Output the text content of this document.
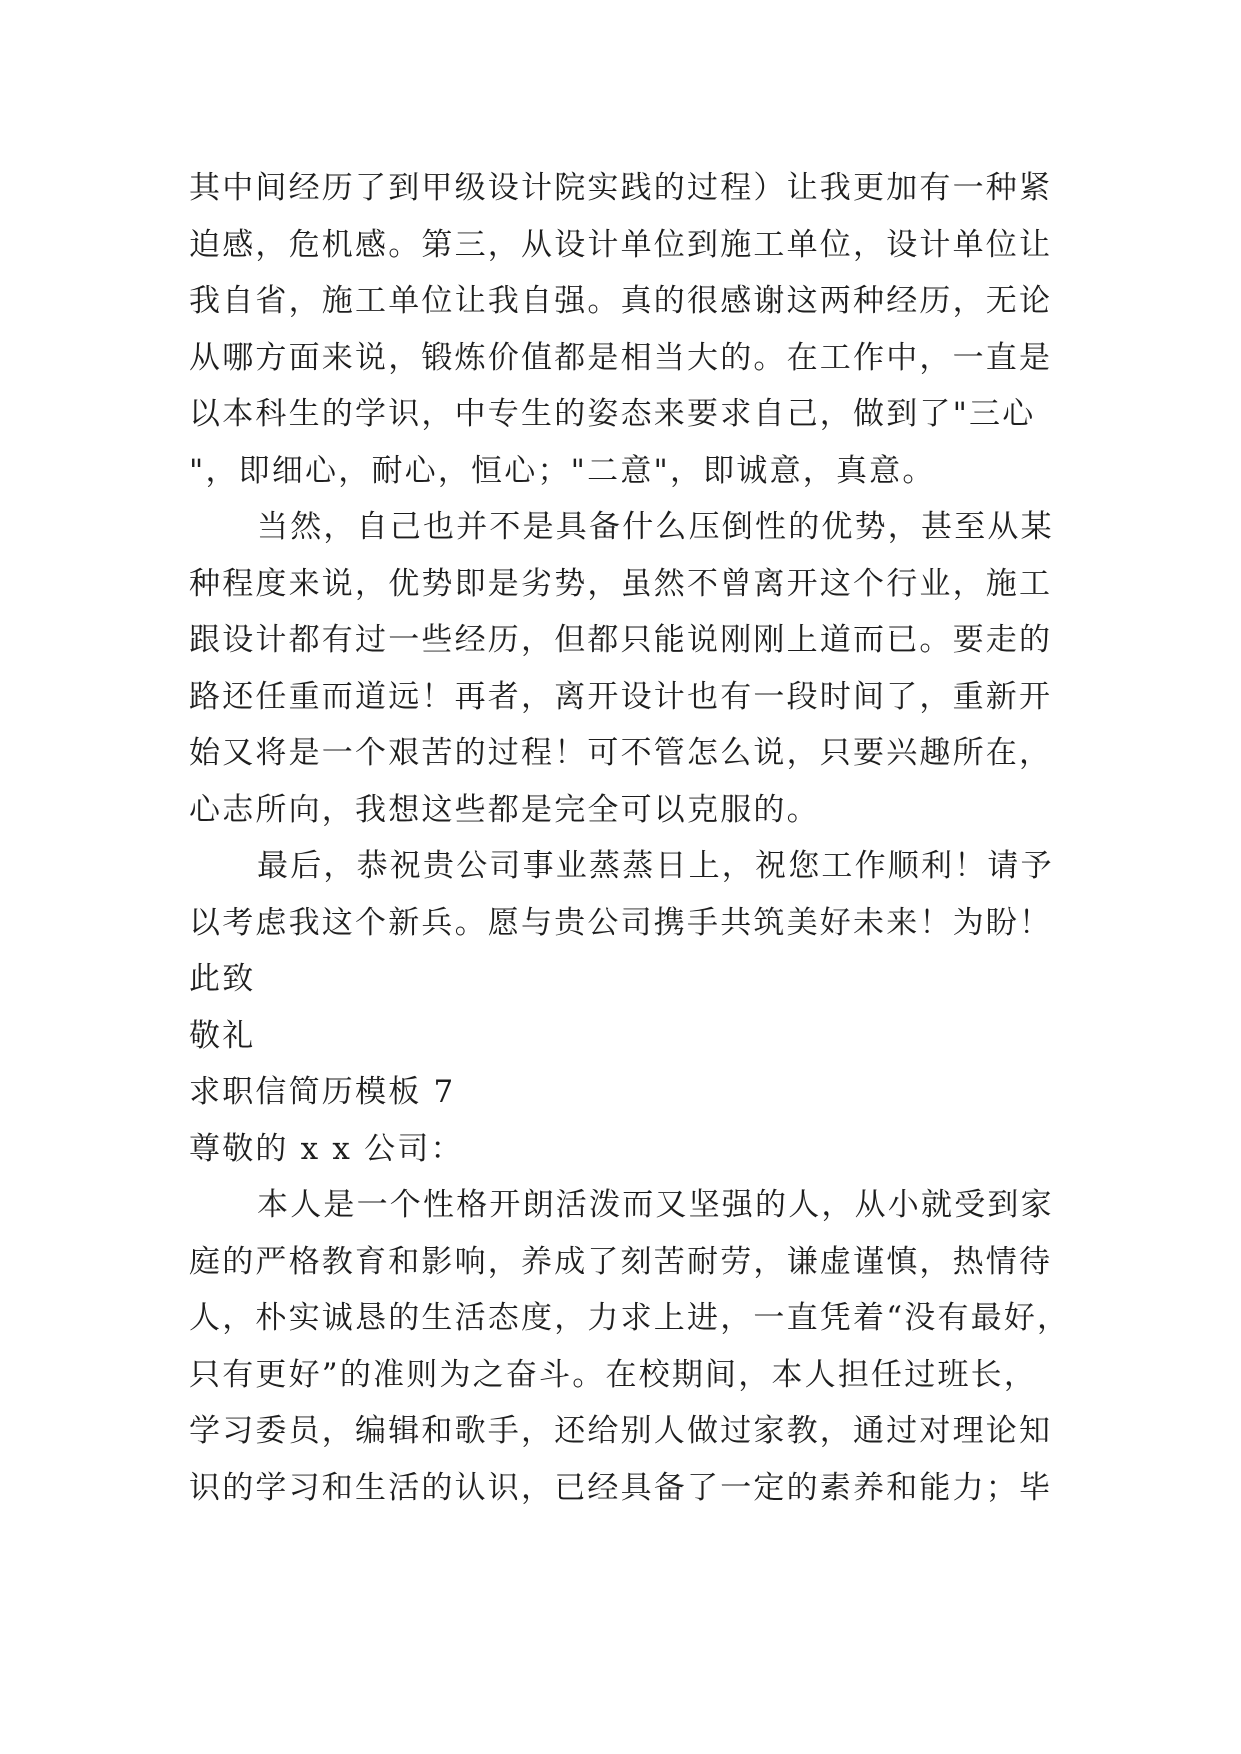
其中间经历了到甲级设计院实践的过程）让我更加有一种紧
迫感，危机感。第三，从设计单位到施工单位，设计单位让
我自省，施工单位让我自强。真的很感谢这两种经历，无论
从哪方面来说，锻炼价值都是相当大的。在工作中，一直是
以本科生的学识，中专生的姿态来要求自己，做到了"三心
"，即细心，耐心，恒心；"二意"，即诚意，真意。
当然，自己也并不是具备什么压倒性的优势，甚至从某
种程度来说，优势即是劣势，虽然不曾离开这个行业，施工
跟设计都有过一些经历，但都只能说刚刚上道而已。要走的
路还任重而道远！再者，离开设计也有一段时间了，重新开
始又将是一个艰苦的过程！可不管怎么说，只要兴趣所在，
心志所向，我想这些都是完全可以克服的。
最后，恭祝贵公司事业蒸蒸日上，祝您工作顺利！请予
以考虑我这个新兵。愿与贵公司携手共筑美好未来！为盼！
此致
敬礼
求职信简历模板 7
尊敬的 x x 公司：
本人是一个性格开朗活泼而又坚强的人，从小就受到家
庭的严格教育和影响，养成了刻苦耐劳，谦虚谨慎，热情待
人，朴实诚恳的生活态度，力求上进，一直凭着“没有最好，
只有更好”的准则为之奋斗。在校期间，本人担任过班长，
学习委员，编辑和歌手，还给别人做过家教，通过对理论知
识的学习和生活的认识，已经具备了一定的素养和能力；毕
